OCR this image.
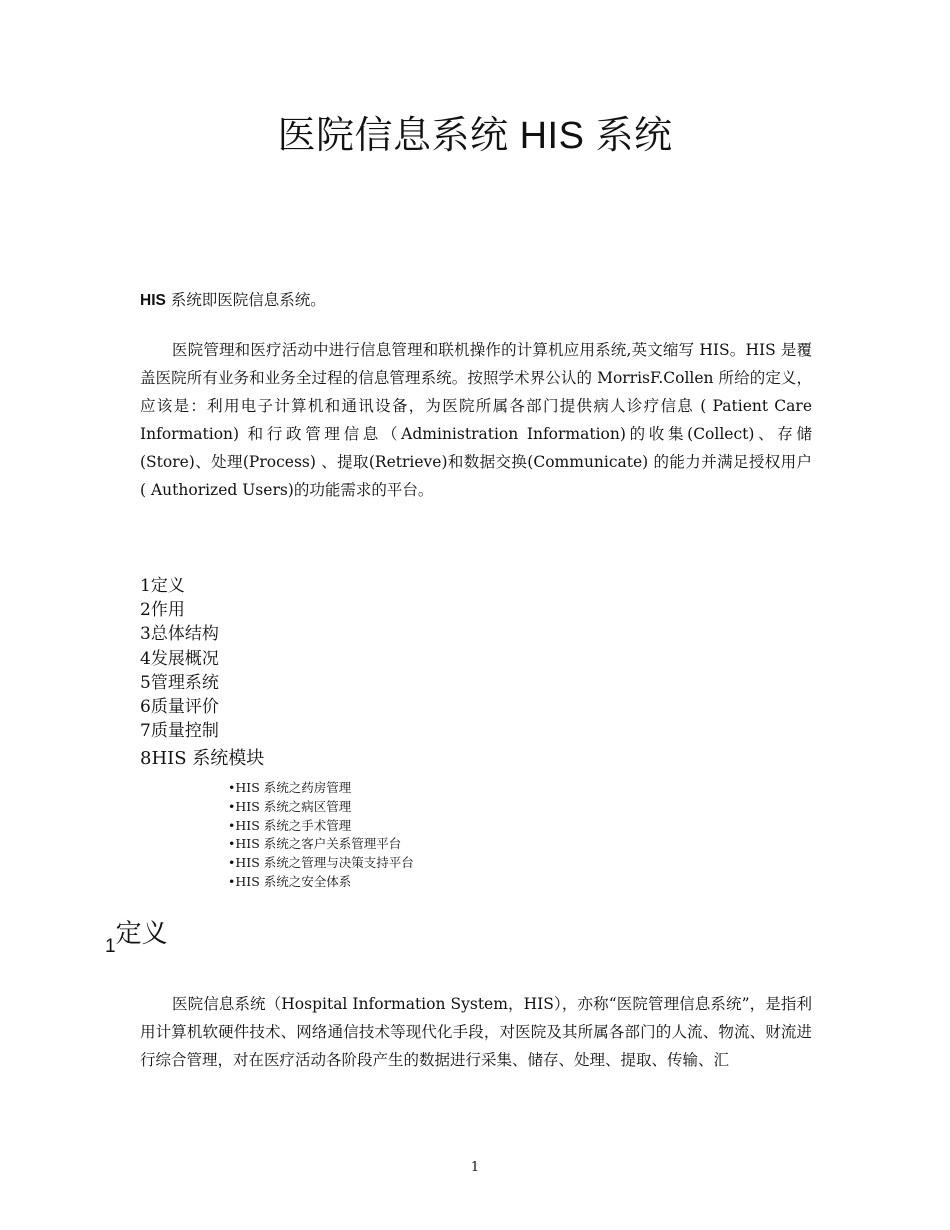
医院信息系统 HIS 系统

HIS 系统即医院信息系统。

医院管理和医疗活动中进行信息管理和联机操作的计算机应用系统,英文缩写 HIS。HIS 是覆盖医院所有业务和业务全过程的信息管理系统。按照学术界公认的 MorrisF.Collen 所给的定义，应该是：利用电子计算机和通讯设备，为医院所属各部门提供病人诊疗信息 ( Patient Care Information) 和行政管理信息（Administration Information)的收集(Collect)、存储(Store)、处理(Process) 、提取(Retrieve)和数据交换(Communicate) 的能力并满足授权用户 ( Authorized Users)的功能需求的平台。

1定义
2作用
3总体结构
4发展概况
5管理系统
6质量评价
7质量控制
8HIS 系统模块
•HIS 系统之药房管理
•HIS 系统之病区管理
•HIS 系统之手术管理
•HIS 系统之客户关系管理平台
•HIS 系统之管理与决策支持平台
•HIS 系统之安全体系
$_1$定义

医院信息系统（Hospital Information System，HIS），亦称“医院管理信息系统”，是指利用计算机软硬件技术、网络通信技术等现代化手段，对医院及其所属各部门的人流、物流、财流进行综合管理，对在医疗活动各阶段产生的数据进行采集、储存、处理、提取、传输、汇

1
